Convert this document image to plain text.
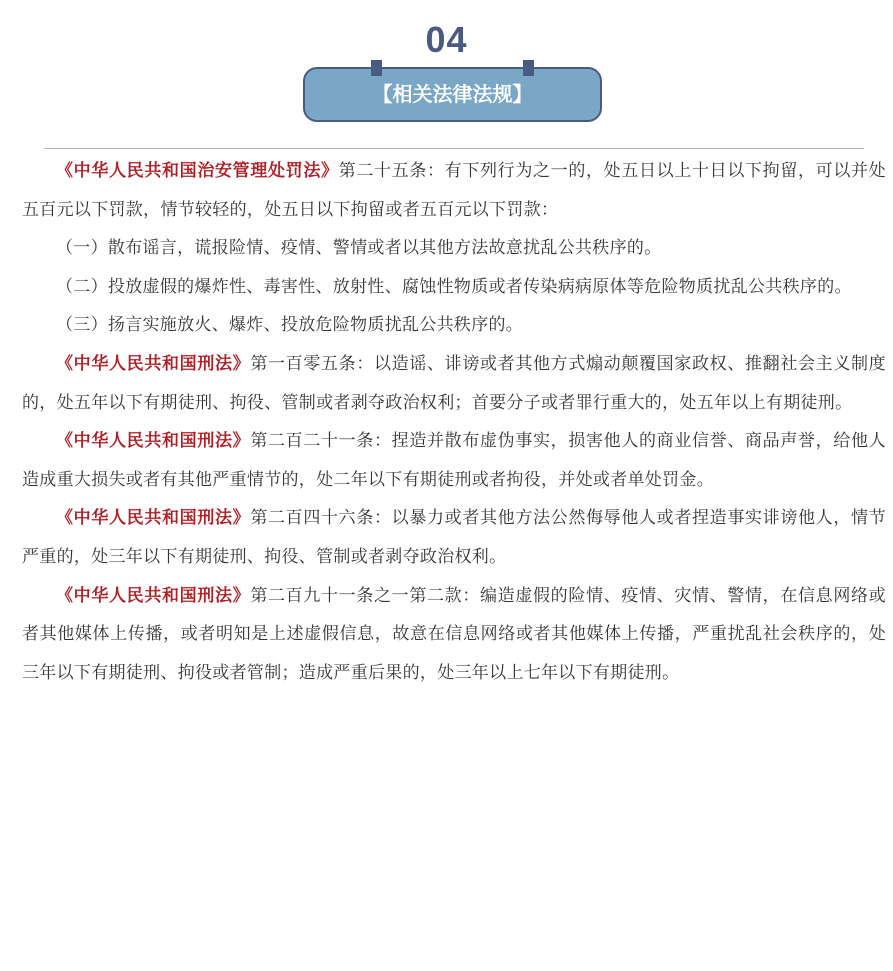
04
【相关法律法规】

《中华人民共和国治安管理处罚法》第二十五条：有下列行为之一的，处五日以上十日以下拘留，可以并处五百元以下罚款，情节较轻的，处五日以下拘留或者五百元以下罚款：

（一）散布谣言，谎报险情、疫情、警情或者以其他方法故意扰乱公共秩序的。

（二）投放虚假的爆炸性、毒害性、放射性、腐蚀性物质或者传染病病原体等危险物质扰乱公共秩序的。

（三）扬言实施放火、爆炸、投放危险物质扰乱公共秩序的。

《中华人民共和国刑法》第一百零五条：以造谣、诽谤或者其他方式煽动颠覆国家政权、推翻社会主义制度的，处五年以下有期徒刑、拘役、管制或者剥夺政治权利；首要分子或者罪行重大的，处五年以上有期徒刑。

《中华人民共和国刑法》第二百二十一条：捏造并散布虚伪事实，损害他人的商业信誉、商品声誉，给他人造成重大损失或者有其他严重情节的，处二年以下有期徒刑或者拘役，并处或者单处罚金。

《中华人民共和国刑法》第二百四十六条：以暴力或者其他方法公然侮辱他人或者捏造事实诽谤他人，情节严重的，处三年以下有期徒刑、拘役、管制或者剥夺政治权利。

《中华人民共和国刑法》第二百九十一条之一第二款：编造虚假的险情、疫情、灾情、警情，在信息网络或者其他媒体上传播，或者明知是上述虚假信息，故意在信息网络或者其他媒体上传播，严重扰乱社会秩序的，处三年以下有期徒刑、拘役或者管制；造成严重后果的，处三年以上七年以下有期徒刑。
